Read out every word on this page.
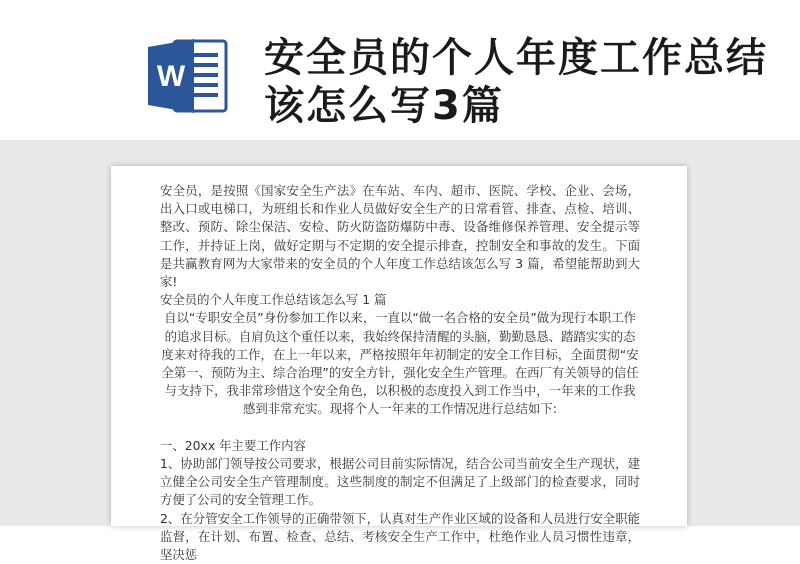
W 安全员的个人年度工作总结该怎么写3篇

安全员，是按照《国家安全生产法》在车站、车内、超市、医院、学校、企业、会场，出入口或电梯口，为班组长和作业人员做好安全生产的日常看管、排查、点检、培训、整改、预防、除尘保洁、安检、防火防盗防爆防中毒、设备维修保养管理、安全提示等工作，并持证上岗，做好定期与不定期的安全提示排查，控制安全和事故的发生。下面是共赢教育网为大家带来的安全员的个人年度工作总结该怎么写 3 篇，希望能帮助到大家!

安全员的个人年度工作总结该怎么写 1 篇

自以“专职安全员”身份参加工作以来，一直以“做一名合格的安全员”做为现行本职工作的追求目标。自肩负这个重任以来，我始终保持清醒的头脑，勤勤恳恳、踏踏实实的态度来对待我的工作，在上一年以来，严格按照年年初制定的安全工作目标，全面贯彻“安全第一、预防为主、综合治理”的安全方针，强化安全生产管理。在西厂有关领导的信任与支持下，我非常珍惜这个安全角色，以积极的态度投入到工作当中，一年来的工作我感到非常充实。现将个人一年来的工作情况进行总结如下:

一、20xx 年主要工作内容

1、协助部门领导按公司要求，根据公司目前实际情况，结合公司当前安全生产现状，建立健全公司安全生产管理制度。这些制度的制定不但满足了上级部门的检查要求，同时方便了公司的安全管理工作。

2、在分管安全工作领导的正确带领下，认真对生产作业区域的设备和人员进行安全职能监督，在计划、布置、检查、总结、考核安全生产工作中，杜绝作业人员习惯性违章，坚决惩
